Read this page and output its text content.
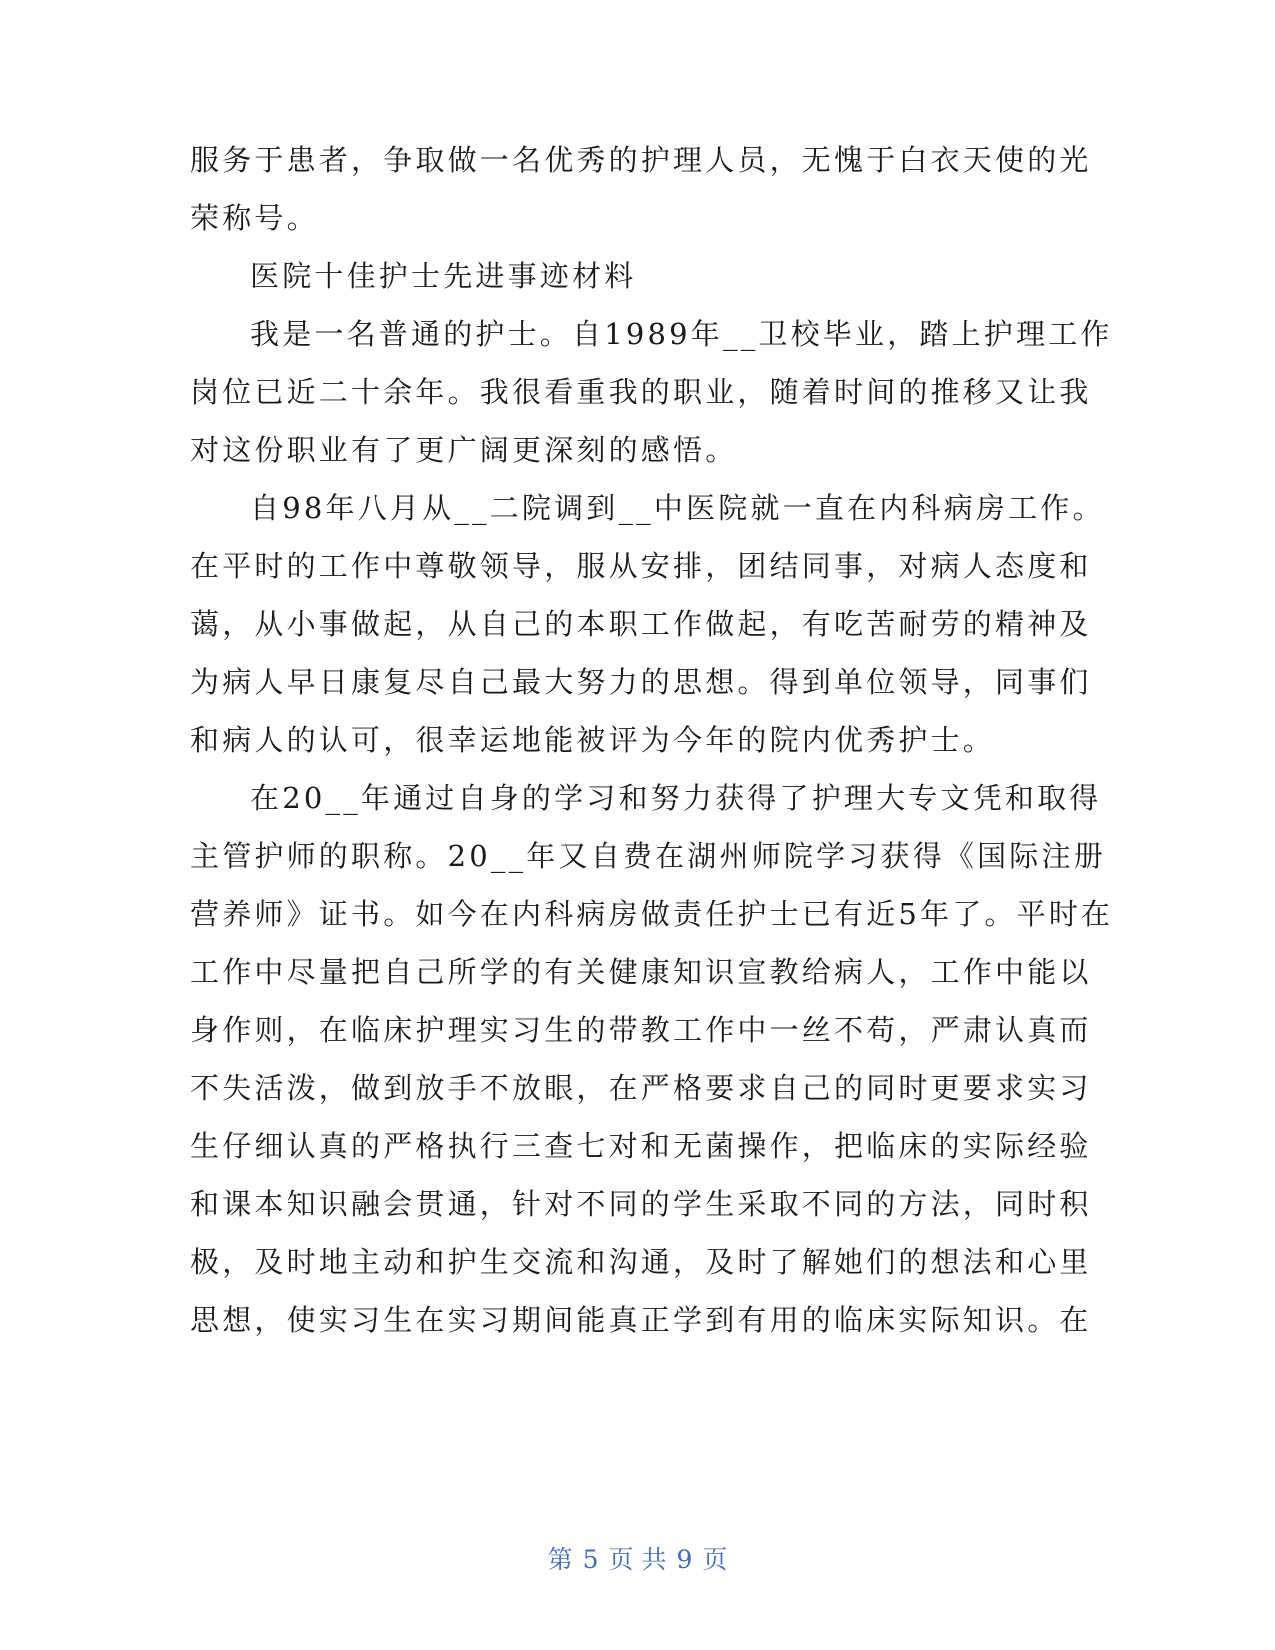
服务于患者，争取做一名优秀的护理人员，无愧于白衣天使的光
荣称号。
医院十佳护士先进事迹材料
我是一名普通的护士。自1989年__卫校毕业，踏上护理工作
岗位已近二十余年。我很看重我的职业，随着时间的推移又让我
对这份职业有了更广阔更深刻的感悟。
自98年八月从__二院调到__中医院就一直在内科病房工作。
在平时的工作中尊敬领导，服从安排，团结同事，对病人态度和
蔼，从小事做起，从自己的本职工作做起，有吃苦耐劳的精神及
为病人早日康复尽自己最大努力的思想。得到单位领导，同事们
和病人的认可，很幸运地能被评为今年的院内优秀护士。
在20__年通过自身的学习和努力获得了护理大专文凭和取得
主管护师的职称。20__年又自费在湖州师院学习获得《国际注册
营养师》证书。如今在内科病房做责任护士已有近5年了。平时在
工作中尽量把自己所学的有关健康知识宣教给病人，工作中能以
身作则，在临床护理实习生的带教工作中一丝不苟，严肃认真而
不失活泼，做到放手不放眼，在严格要求自己的同时更要求实习
生仔细认真的严格执行三查七对和无菌操作，把临床的实际经验
和课本知识融会贯通，针对不同的学生采取不同的方法，同时积
极，及时地主动和护生交流和沟通，及时了解她们的想法和心里
思想，使实习生在实习期间能真正学到有用的临床实际知识。在
第 5 页 共 9 页
